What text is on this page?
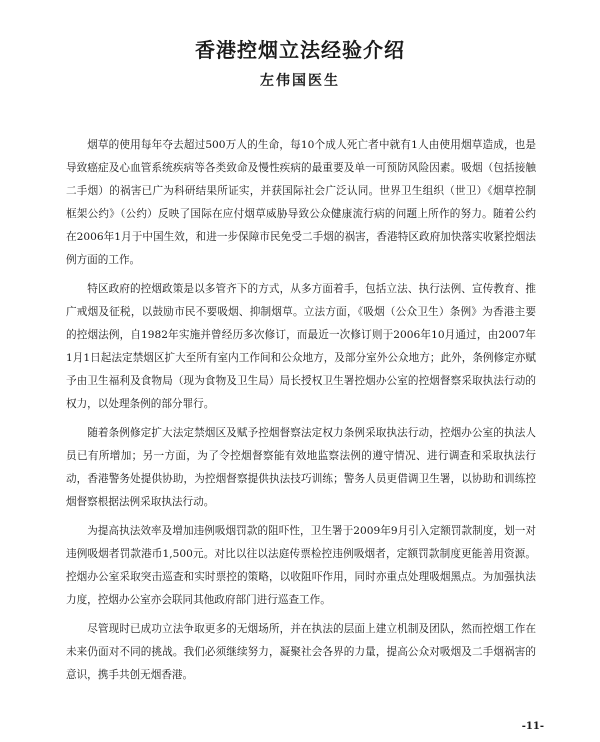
香港控烟立法经验介绍
左伟国医生

烟草的使用每年夺去超过500万人的生命，每10个成人死亡者中就有1人由使用烟草造成，也是导致癌症及心血管系统疾病等各类致命及慢性疾病的最重要及单一可预防风险因素。吸烟（包括接触二手烟）的祸害已广为科研结果所证实，并获国际社会广泛认同。世界卫生组织（世卫）《烟草控制框架公约》（公约）反映了国际在应付烟草威胁导致公众健康流行病的问题上所作的努力。随着公约在2006年1月于中国生效，和进一步保障市民免受二手烟的祸害，香港特区政府加快落实收紧控烟法例方面的工作。

特区政府的控烟政策是以多管齐下的方式，从多方面着手，包括立法、执行法例、宣传教育、推广戒烟及征税，以鼓励市民不要吸烟、抑制烟草。立法方面，《吸烟（公众卫生）条例》为香港主要的控烟法例，自1982年实施并曾经历多次修订，而最近一次修订则于2006年10月通过，由2007年1月1日起法定禁烟区扩大至所有室内工作间和公众地方，及部分室外公众地方；此外，条例修定亦赋予由卫生福利及食物局（现为食物及卫生局）局长授权卫生署控烟办公室的控烟督察采取执法行动的权力，以处理条例的部分罪行。

随着条例修定扩大法定禁烟区及赋予控烟督察法定权力条例采取执法行动，控烟办公室的执法人员已有所增加；另一方面，为了令控烟督察能有效地监察法例的遵守情况、进行调查和采取执法行动，香港警务处提供协助，为控烟督察提供执法技巧训练；警务人员更借调卫生署，以协助和训练控烟督察根据法例采取执法行动。

为提高执法效率及增加违例吸烟罚款的阻吓性，卫生署于2009年9月引入定额罚款制度，划一对违例吸烟者罚款港币1,500元。对比以往以法庭传票检控违例吸烟者，定额罚款制度更能善用资源。控烟办公室采取突击巡查和实时票控的策略，以收阻吓作用，同时亦重点处理吸烟黑点。为加强执法力度，控烟办公室亦会联同其他政府部门进行巡查工作。

尽管现时已成功立法争取更多的无烟场所，并在执法的层面上建立机制及团队，然而控烟工作在未来仍面对不同的挑战。我们必须继续努力，凝聚社会各界的力量，提高公众对吸烟及二手烟祸害的意识，携手共创无烟香港。

-11-
